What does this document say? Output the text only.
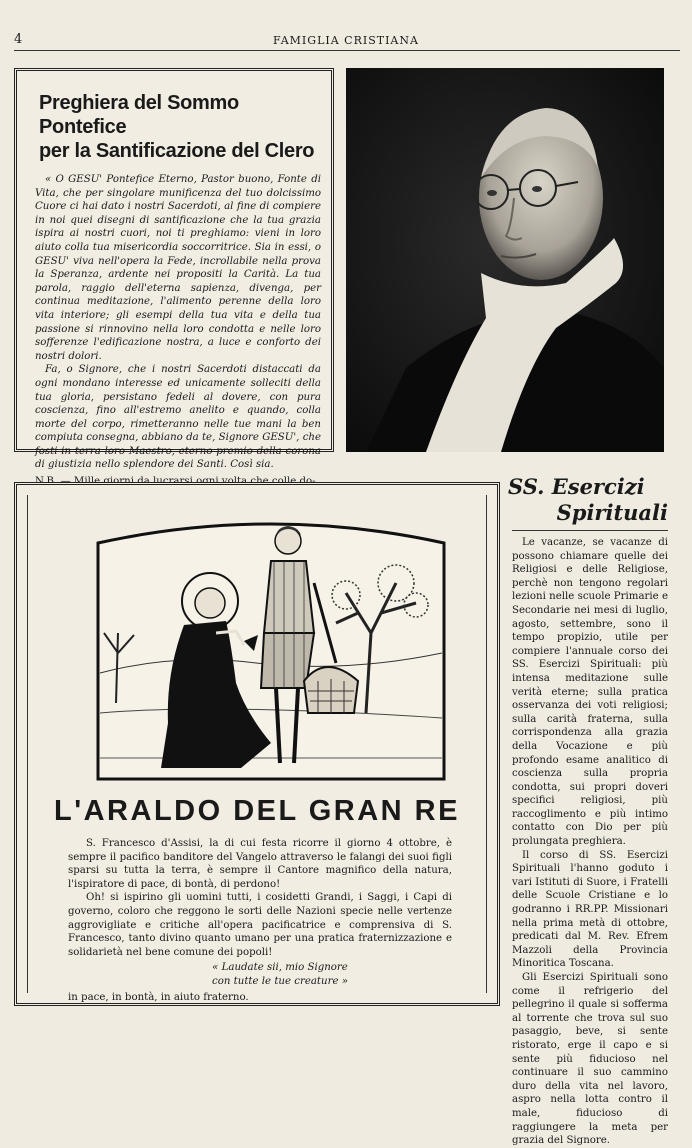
4	FAMIGLIA CRISTIANA
Preghiera del Sommo Pontefice
per la Santificazione del Clero

« O GESU' Pontefice Eterno, Pastor buono, Fonte di Vita, che per singolare munificenza del tuo dolcissimo Cuore ci hai dato i nostri Sacerdoti, al fine di compiere in noi quei disegni di santificazione che la tua grazia ispira ai nostri cuori, noi ti preghiamo: vieni in loro aiuto colla tua misericordia soccorritrice. Sia in essi, o GESU' viva nell'opera la Fede, incrollabile nella prova la Speranza, ardente nei propositi la Carità. La tua parola, raggio dell'eterna sapienza, divenga, per continua meditazione, l'alimento perenne della loro vita interiore; gli esempi della tua vita e della tua passione si rinnovino nella loro condotta e nelle loro sofferenze l'edificazione nostra, a luce e conforto dei nostri dolori.

Fa, o Signore, che i nostri Sacerdoti distaccati da ogni mondano interesse ed unicamente solleciti della tua gloria, persistano fedeli al dovere, con pura coscienza, fino all'estremo anelito e quando, colla morte del corpo, rimetteranno nelle tue mani la ben compiuta consegna, abbiano da te, Signore GESU', che fosti in terra loro Maestro, eterno premio della corona di giustizia nello splendore dei Santi. Così sia.

L'ARALDO DEL GRAN RE

S. Francesco d'Assisi, la di cui festa ricorre il giorno 4 ottobre, è sempre il pacifico banditore del Vangelo attraverso le falangi dei suoi figli sparsi su tutta la terra, è sempre il Cantore magnifico della natura, l'ispiratore di pace, di bontà, di perdono!

Oh! si ispirino gli uomini tutti, i cosidetti Grandi, i Saggi, i Capi di governo, coloro che reggono le sorti delle Nazioni specie nelle vertenze aggrovigliate e critiche all'opera pacificatrice e comprensiva di S. Francesco, tanto divino quanto umano per una pratica fraternizzazione e solidarietà nel bene comune dei popoli!

« Laudate sii, mio Signore
con tutte le tue creature »

in pace, in bontà, in aiuto fraterno.

SS. Esercizi
Spirituali

Le vacanze, se vacanze di possono chiamare quelle dei Religiosi e delle Religiose, perchè non tengono regolari lezioni nelle scuole Primarie e Secondarie nei mesi di luglio, agosto, settembre, sono il tempo propizio, utile per compiere l'annuale corso dei SS. Esercizi Spirituali: più intensa meditazione sulle verità eterne; sulla pratica osservanza dei voti religiosi; sulla carità fraterna, sulla corrispondenza alla grazia della Vocazione e più profondo esame analitico di coscienza sulla propria condotta, sui propri doveri specifici religiosi, più raccoglimento e più intimo contatto con Dio per più prolungata preghiera.

Il corso di SS. Esercizi Spirituali l'hanno goduto i vari Istituti di Suore, i Fratelli delle Scuole Cristiane e lo godranno i RR.PP. Missionari nella prima metà di ottobre, predicati dal M. Rev. Efrem Mazzoli della Provincia Minoritica Toscana.

Gli Esercizi Spirituali sono come il refrigerio del pellegrino il quale si sofferma al torrente che trova sul suo pasaggio, beve, si sente ristorato, erge il capo e si sente più fiducioso nel continuare il suo cammino duro della vita nel lavoro, aspro nella lotta contro il male, fiducioso di raggiungere la meta per grazia del Signore.
